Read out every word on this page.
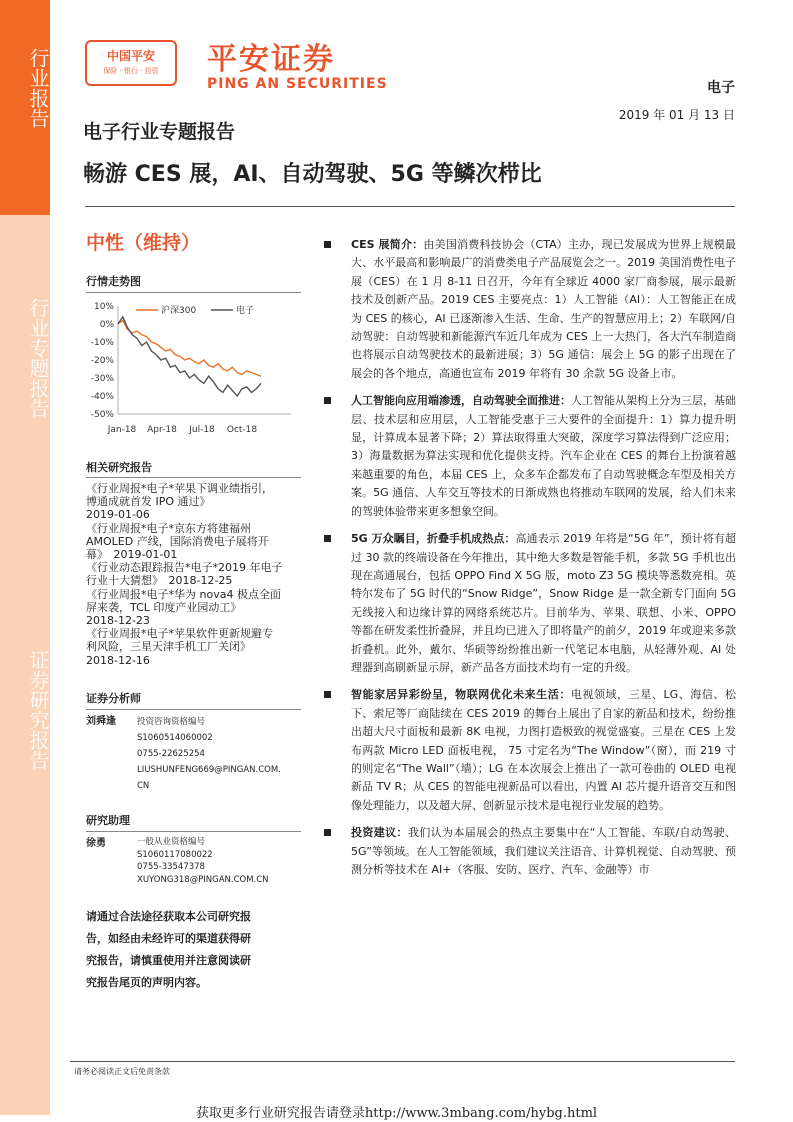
行业报告
行业专题报告
证券研究报告
中国平安
保险 · 银行 · 投资	平安证券
PING AN SECURITIES	电子
2019 年 01 月 13 日
电子行业专题报告
畅游 CES 展，AI、自动驾驶、5G 等鳞次栉比
中性（维持）
行情走势图
10%
0%
-10%
-20%
-30%
-40%
-50%
Jan-18 Apr-18 Jul-18 Oct-18
沪深300	电子
相关研究报告
《行业周报*电子*苹果下调业绩指引，
博通成就首发 IPO 通过》
2019-01-06
《行业周报*电子*京东方将建福州
AMOLED 产线，国际消费电子展将开
幕》　2019-01-01
《行业动态跟踪报告*电子*2019 年电子
行业十大猜想》　2018-12-25
《行业周报*电子*华为 nova4 极点全面
屏来袭，TCL 印度产业园动工》
2018-12-23
《行业周报*电子*苹果软件更新规避专
利风险，三星天津手机工厂关闭》
2018-12-16
证券分析师
刘舜逢 投资咨询资格编号
S1060514060002
0755-22625254
LIUSHUNFENG669@PINGAN.COM.
CN
研究助理
徐勇	一般从业资格编号
S1060117080022
0755-33547378
XUYONG318@PINGAN.COM.CN
请通过合法途径获取本公司研究报
告，如经由未经许可的渠道获得研
究报告，请慎重使用并注意阅读研
究报告尾页的声明内容。
CES 展简介：由美国消费科技协会（CTA）主办，现已发展成为世界上规模最大、水平最高和影响最广的消费类电子产品展览会之一。2019 美国消费性电子展（CES）在 1 月 8-11 日召开，今年有全球近 4000 家厂商参展，展示最新技术及创新产品。2019 CES 主要亮点：1）人工智能（AI）：人工智能正在成为 CES 的核心，AI 已逐渐渗入生活、生命、生产的智慧应用上；2）车联网/自动驾驶：自动驾驶和新能源汽车近几年成为 CES 上一大热门，各大汽车制造商也将展示自动驾驶技术的最新进展；3）5G 通信：展会上 5G 的影子出现在了展会的各个地点，高通也宣布 2019 年将有 30 余款 5G 设备上市。
人工智能向应用端渗透，自动驾驶全面推进：人工智能从架构上分为三层，基础层、技术层和应用层，人工智能受惠于三大要件的全面提升：1）算力提升明显，计算成本显著下降；2）算法取得重大突破，深度学习算法得到广泛应用；3）海量数据为算法实现和优化提供支持。汽车企业在 CES 的舞台上扮演着越来越重要的角色，本届 CES 上，众多车企都发布了自动驾驶概念车型及相关方案。5G 通信、人车交互等技术的日渐成熟也将推动车联网的发展，给人们未来的驾驶体验带来更多想象空间。
5G 万众瞩目，折叠手机成热点：高通表示 2019 年将是“5G 年”，预计将有超过 30 款的终端设备在今年推出，其中绝大多数是智能手机，多款 5G 手机也出现在高通展台，包括 OPPO Find X 5G 版，moto Z3 5G 模块等悉数亮相。英特尔发布了 5G 时代的“Snow Ridge”，Snow Ridge 是一款全新专门面向 5G 无线接入和边缘计算的网络系统芯片。目前华为、苹果、联想、小米、OPPO 等都在研发柔性折叠屏，并且均已进入了即将量产的前夕，2019 年或迎来多款折叠机。此外，戴尔、华硕等纷纷推出新一代笔记本电脑，从轻薄外观、AI 处理器到高刷新显示屏，新产品各方面技术均有一定的升级。
智能家居异彩纷呈，物联网优化未来生活：电视领域，三星、LG、海信、松下、索尼等厂商陆续在 CES 2019 的舞台上展出了自家的新品和技术，纷纷推出超大尺寸面板和最新 8K 电视，力图打造极致的视觉盛宴。三星在 CES 上发布两款 Micro LED 面板电视， 75 寸定名为“The Window”（窗），而 219 寸的则定名“The Wall”（墙）；LG 在本次展会上推出了一款可卷曲的 OLED 电视新品 TV R；从 CES 的智能电视新品可以看出，内置 AI 芯片提升语音交互和图像处理能力，以及超大屏、创新显示技术是电视行业发展的趋势。
投资建议：我们认为本届展会的热点主要集中在“人工智能、车联/自动驾驶、5G”等领域。在人工智能领域，我们建议关注语音、计算机视觉、自动驾驶、预测分析等技术在 AI+（客服、安防、医疗、汽车、金融等）市
请务必阅读正文后免责条款
获取更多行业研究报告请登录http://www.3mbang.com/hybg.html
